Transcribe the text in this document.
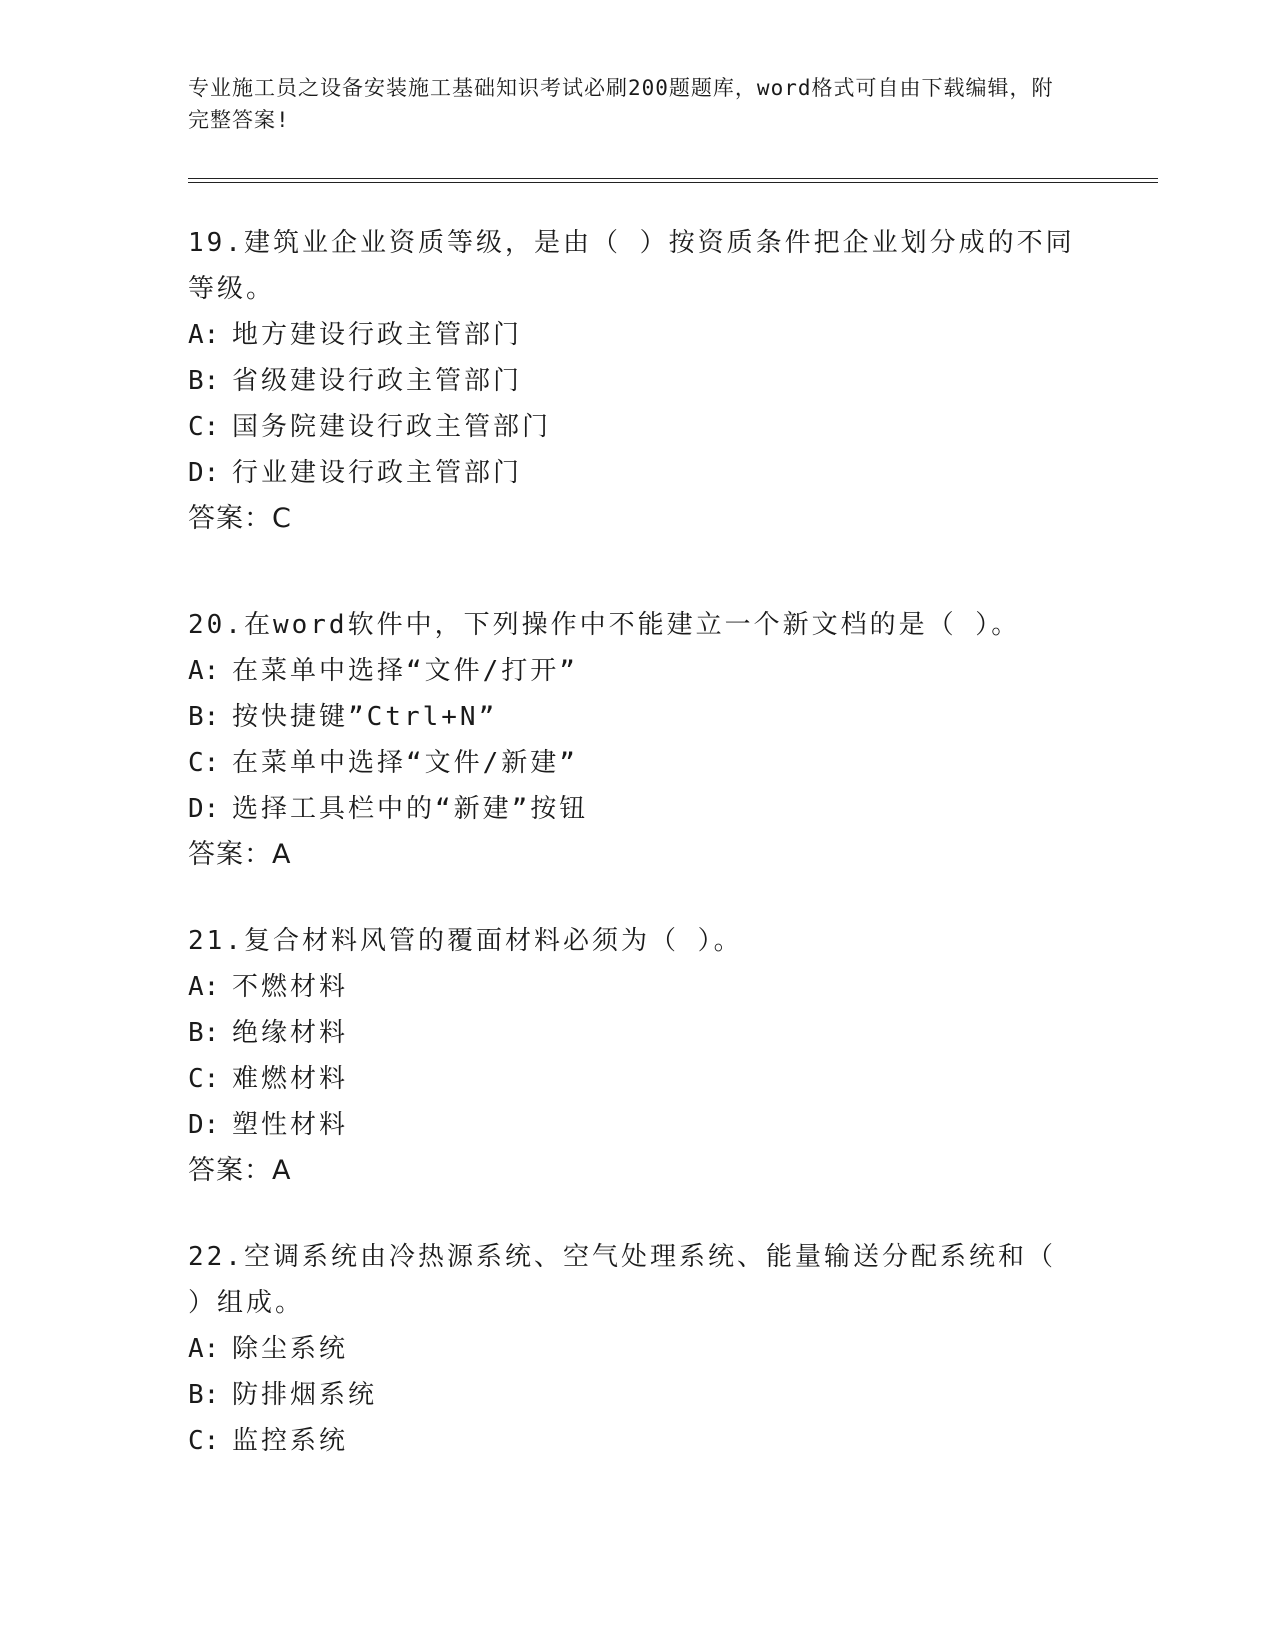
专业施工员之设备安装施工基础知识考试必刷200题题库，word格式可自由下载编辑，附完整答案!

19.建筑业企业资质等级，是由（ ）按资质条件把企业划分成的不同等级。

A: 地方建设行政主管部门

B: 省级建设行政主管部门

C: 国务院建设行政主管部门

D: 行业建设行政主管部门

答案：C

20.在word软件中，下列操作中不能建立一个新文档的是（ ）。

A: 在菜单中选择“文件/打开”

B: 按快捷键”Ctrl+N”

C: 在菜单中选择“文件/新建”

D: 选择工具栏中的“新建”按钮

答案：A

21.复合材料风管的覆面材料必须为（ ）。

A: 不燃材料

B: 绝缘材料

C: 难燃材料

D: 塑性材料

答案：A

22.空调系统由冷热源系统、空气处理系统、能量输送分配系统和（ ）组成。

A: 除尘系统

B: 防排烟系统

C: 监控系统
